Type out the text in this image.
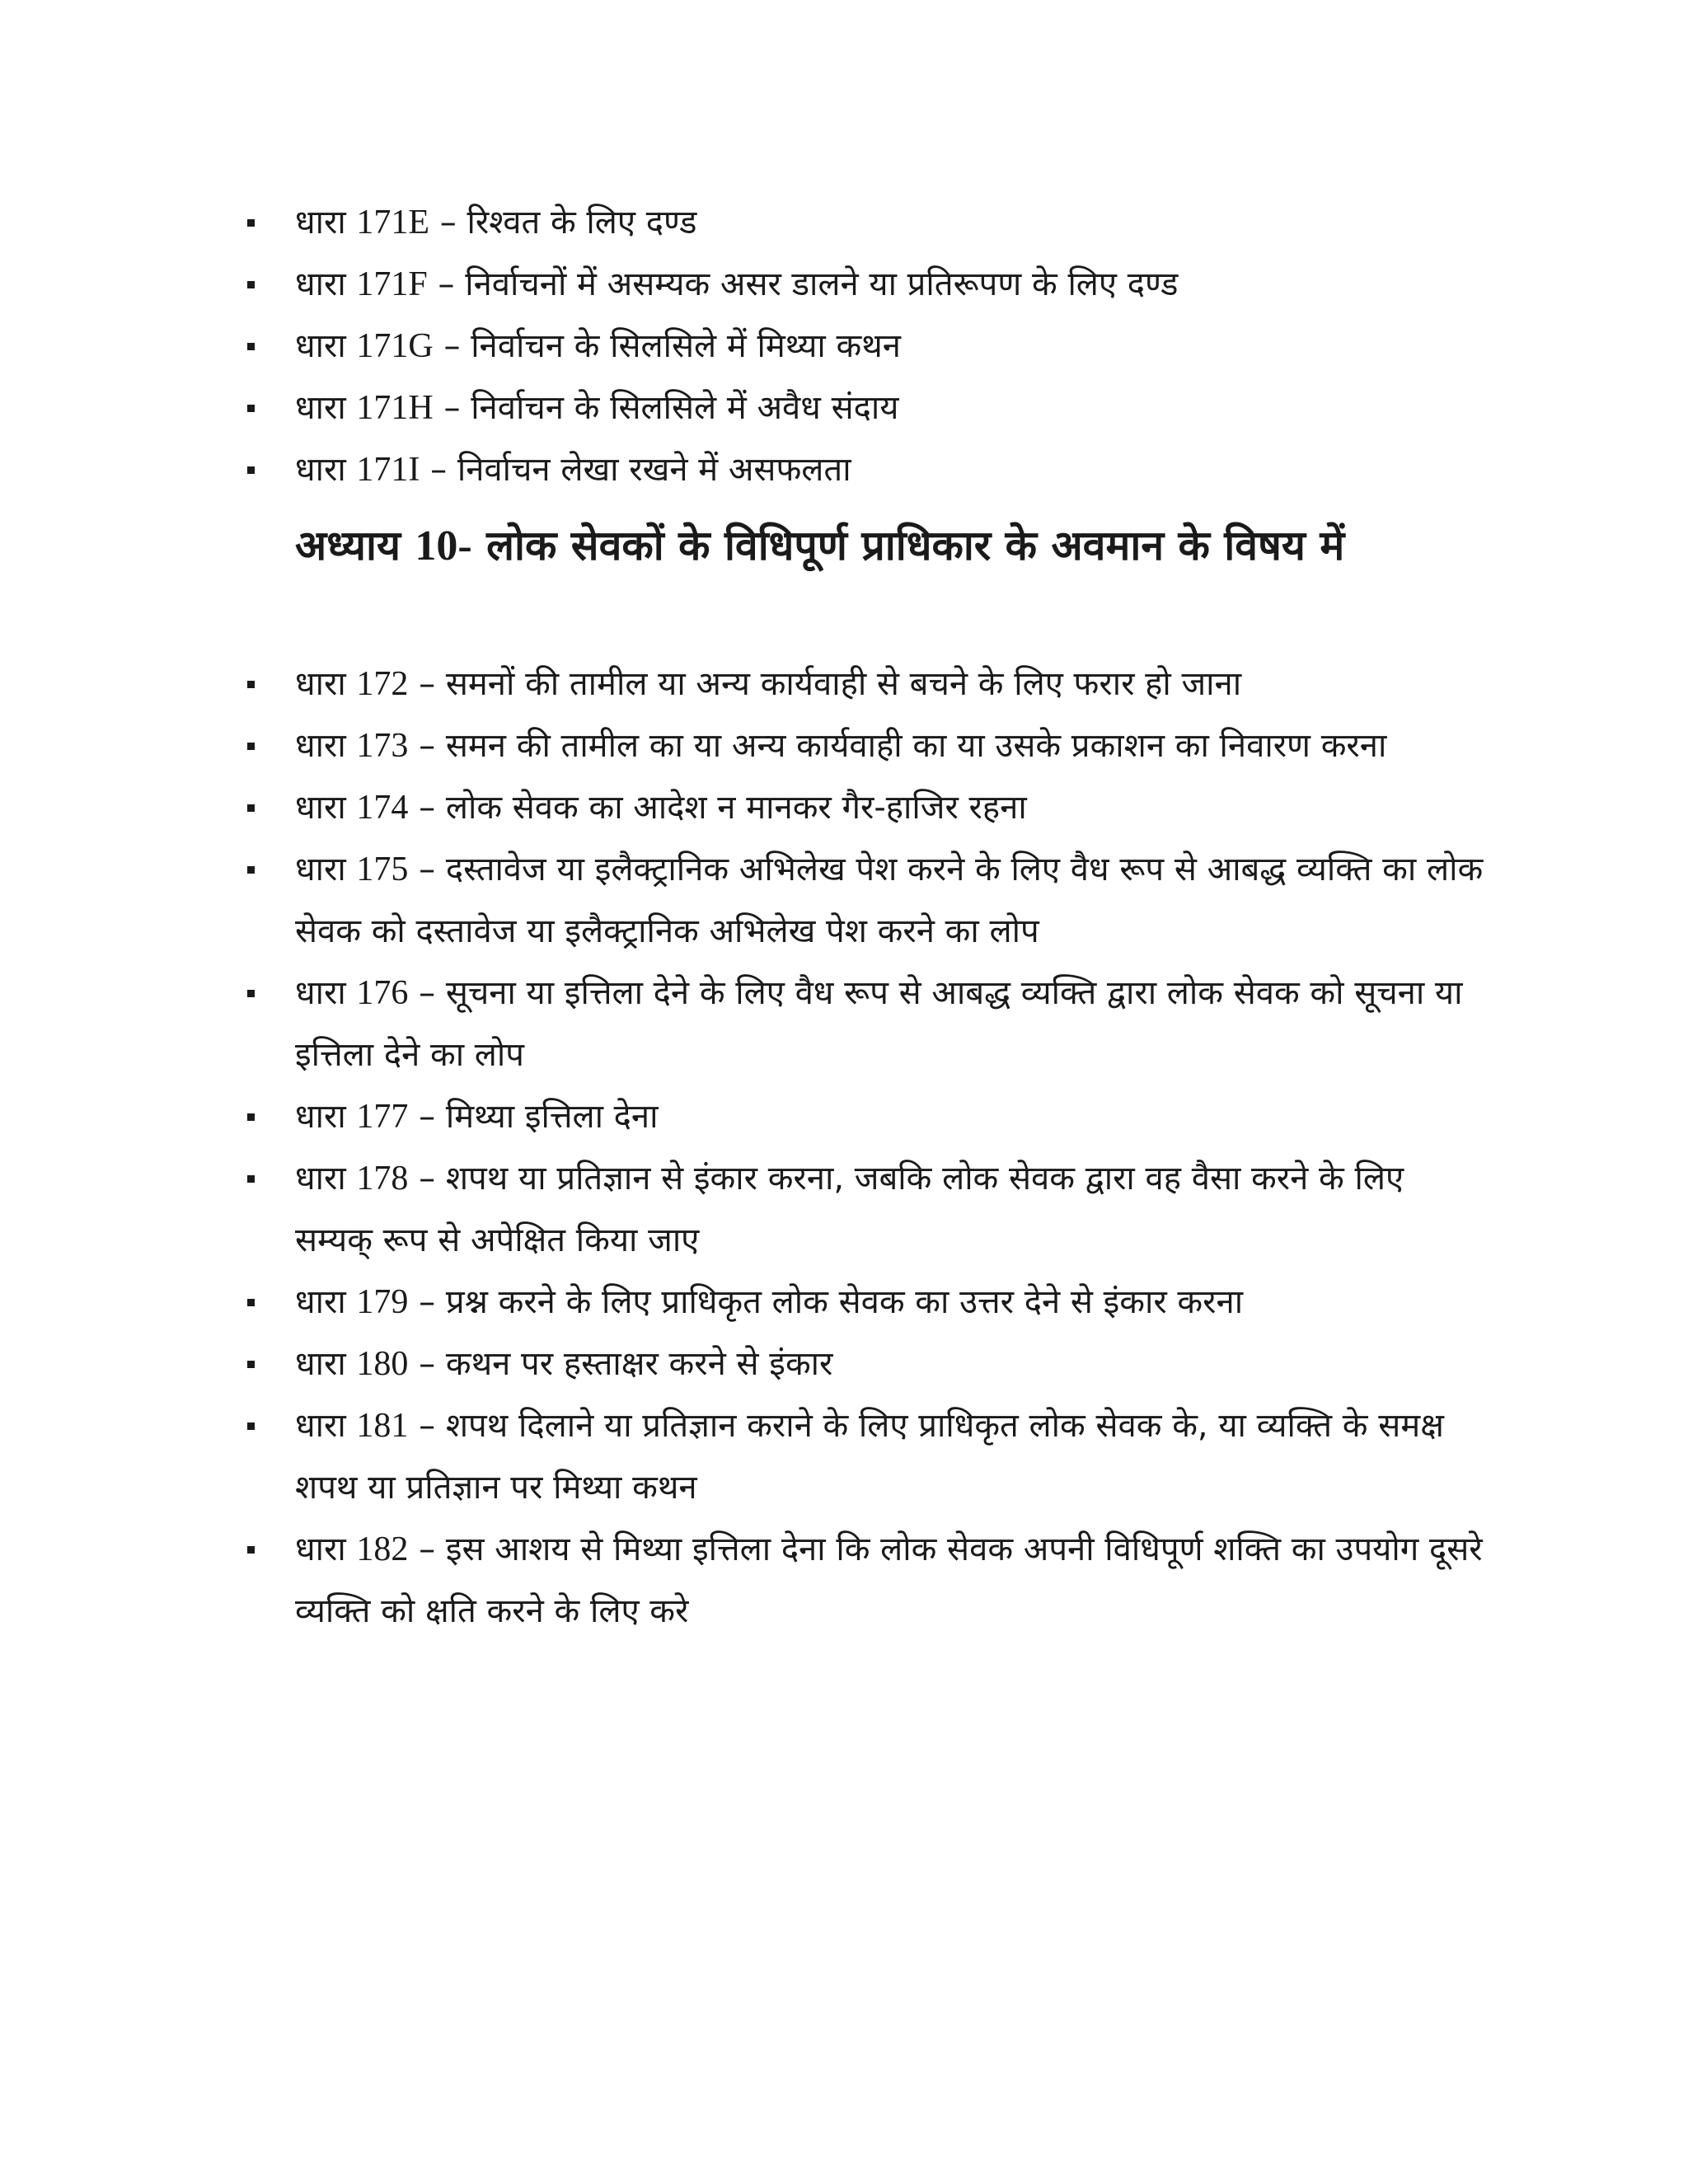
धारा 171E – रिश्वत के लिए दण्ड
धारा 171F – निर्वाचनों में असम्यक असर डालने या प्रतिरूपण के लिए दण्ड
धारा 171G – निर्वाचन के सिलसिले में मिथ्या कथन
धारा 171H – निर्वाचन के सिलसिले में अवैध संदाय
धारा 171I – निर्वाचन लेखा रखने में असफलता
अध्याय 10- लोक सेवकों के विधिपूर्ण प्राधिकार के अवमान के विषय में
धारा 172 – समनों की तामील या अन्य कार्यवाही से बचने के लिए फरार हो जाना
धारा 173 – समन की तामील का या अन्य कार्यवाही का या उसके प्रकाशन का निवारण करना
धारा 174 – लोक सेवक का आदेश न मानकर गैर-हाजिर रहना
धारा 175 – दस्तावेज या इलैक्ट्रानिक अभिलेख पेश करने के लिए वैध रूप से आबद्ध व्यक्ति का लोक सेवक को दस्तावेज या इलैक्ट्रानिक अभिलेख पेश करने का लोप
धारा 176 – सूचना या इत्तिला देने के लिए वैध रूप से आबद्ध व्यक्ति द्वारा लोक सेवक को सूचना या इत्तिला देने का लोप
धारा 177 – मिथ्या इत्तिला देना
धारा 178 – शपथ या प्रतिज्ञान से इंकार करना, जबकि लोक सेवक द्वारा वह वैसा करने के लिए सम्यक् रूप से अपेक्षित किया जाए
धारा 179 – प्रश्न करने के लिए प्राधिकृत लोक सेवक का उत्तर देने से इंकार करना
धारा 180 – कथन पर हस्ताक्षर करने से इंकार
धारा 181 – शपथ दिलाने या प्रतिज्ञान कराने के लिए प्राधिकृत लोक सेवक के, या व्यक्ति के समक्ष शपथ या प्रतिज्ञान पर मिथ्या कथन
धारा 182 – इस आशय से मिथ्या इत्तिला देना कि लोक सेवक अपनी विधिपूर्ण शक्ति का उपयोग दूसरे व्यक्ति को क्षति करने के लिए करे
